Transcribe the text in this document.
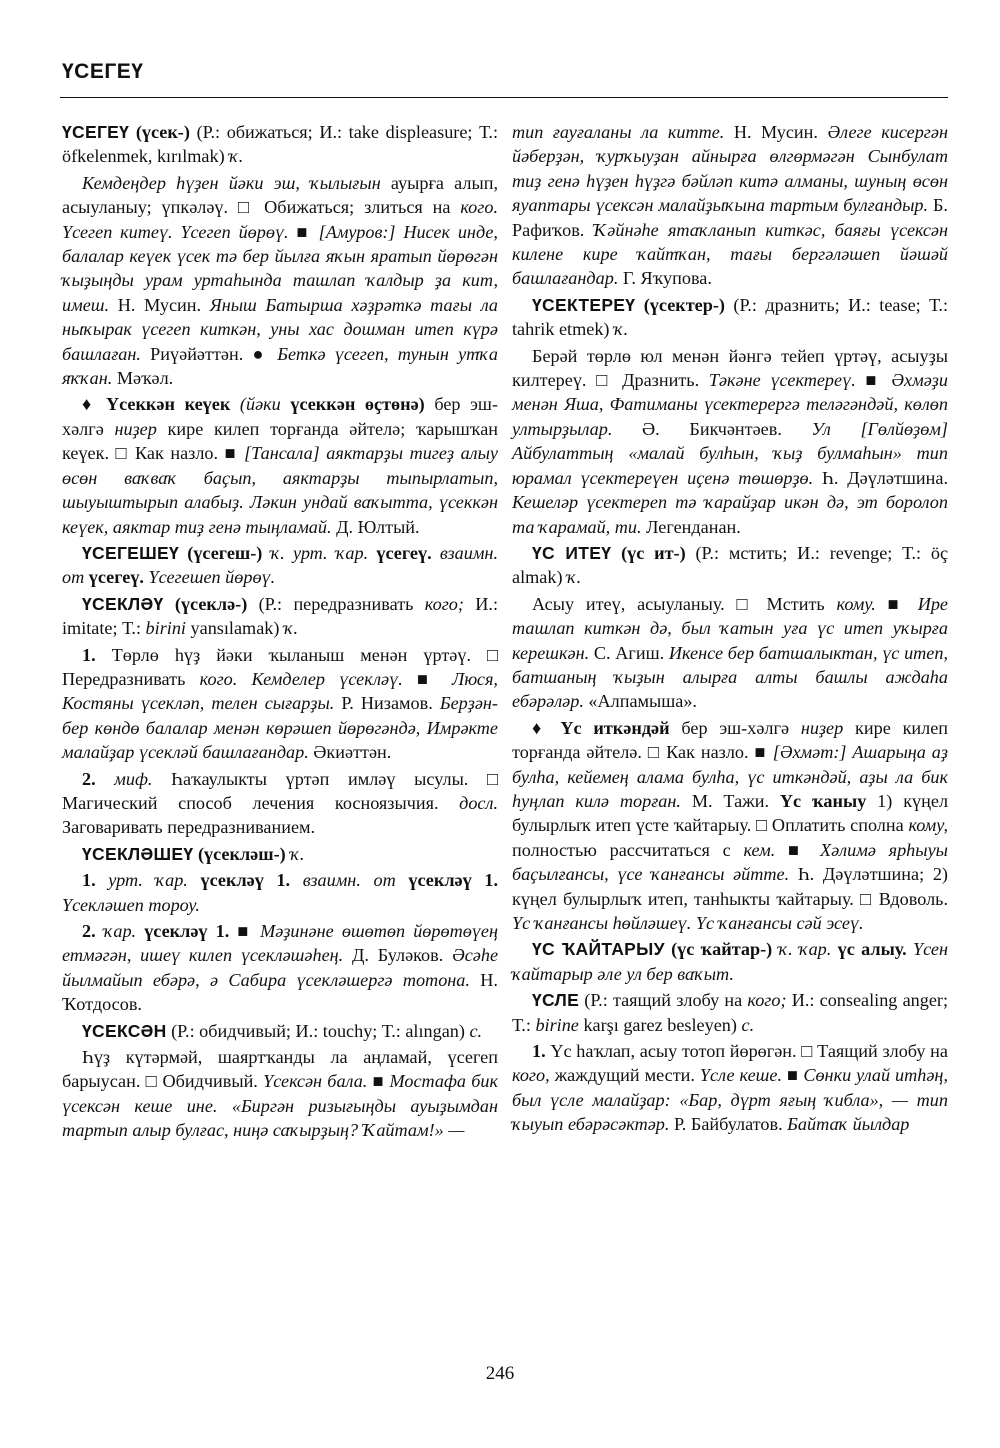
ҮСЕГЕҮ

ҮСЕГЕҮ (үсек-) (Р.: обижаться; И.: take displeasure; Т.: öfkelenmek, kırılmak) ҡ.

Кемдеңдер һүҙен йәки эш, ҡылығын ауырға алып, асыуланыу; үпкәләү. □ Обижаться; злиться на кого. Үсегеп китеү. Үсегеп йөрөү. ■ [Амуров:] Нисек инде, балалар кеүек үсек тә бер йылға яҡын яратып йөрөгән ҡыҙыңды урам уртаһында ташлап ҡалдыр ҙа кит, имеш. Н. Мусин. Яныш Батырша хәҙрәткә тағы ла ныҡырак үсегеп киткән, уны хас дошман итеп күрә башлаған. Риүәйәттән. ● Беткә үсегеп, тунын утҡа яҡҡан. Мәҡәл.

♦ Үсеккән кеүек (йәки үсеккән өҫтөнә) бер эш-хәлгә ниҙер кире килеп торғанда әйтелә; ҡарышҡан кеүек. □ Как назло. ■ [Тансала] аяктарҙы тигеҙ алыу өсөн ваҡваҡ баҫып, аяктарҙы тыпырлатып, шыуыштырып алабыҙ. Ләкин ундай ваҡытта, үсеккән кеүек, аяктар тиҙ генә тыңламай. Д. Юлтый.

ҮСЕГЕШЕҮ (үсегеш-) ҡ. урт. ҡар. үсегеү. взаимн. от үсегеү. Үсегешеп йөрөү.

ҮСЕКЛӘҮ (үсеклә-) (Р.: передразнивать кого; И.: imitate; Т.: birini yansılamak) ҡ.

1. Төрлө һүҙ йәки ҡыланыш менән үртәү. □ Передразнивать кого. Кемделер үсекләү. ■ Люся, Костяны үсекләп, телен сығарҙы. Р. Низамов. Берҙән-бер көндө балалар менән көрәшеп йөрөгәндә, Имрәкте малайҙар үсекләй башлағандар. Әкиәттән.

2. миф. Һаҡаулыкты үртәп имләү ысулы. □ Магический способ лечения косноязычия. досл. Заговаривать передразниванием.

ҮСЕКЛӘШЕҮ (үсекләш-) ҡ.

1. урт. ҡар. үсекләү 1. взаимн. от үсекләү 1. Үсекләшеп тороу.

2. ҡар. үсекләү 1. ■ Мәҙинәне өшөтөп йөрөтөүең етмәгән, ишеү килеп үсекләшәһең. Д. Буләков. Әсәһе йылмайып ебәрә, ә Сабира үсекләшергә тотона. Н. Ҡотдосов.

ҮСЕКСӘН (Р.: обидчивый; И.: touchy; Т.: alıngan) с.

Һүҙ күтәрмәй, шаяртҡанды ла аңламай, үсегеп барыусан. □ Обидчивый. Үсексән бала. ■ Мостафа бик үсексән кеше ине. «Биргән ризығыңды ауыҙымдан тартып алыр булғас, ниңә саҡырҙың? Ҡайтам!» —

тип ғауғаланы ла китте. Н. Мусин. Әлеге кисергән йәберҙән, ҡурҡыуҙан айнырға өлгөрмәгән Сынбулат тиҙ генә һүҙен һүҙгә бәйләп китә алманы, шуның өсөн яуаптары үсексән малайҙыҡына тартым булғандыр. Б. Рафиҡов. Ҡәйнәһе ятаҡланып киткәс, баяғы үсексән килене кире ҡайтҡан, тағы бергәләшеп йәшәй башлағандар. Г. Яҡупова.

ҮСЕКТЕРЕҮ (үсектер-) (Р.: дразнить; И.: tease; Т.: tahrik etmek) ҡ.

Берәй төрлө юл менән йәнгә тейеп үртәү, асыуҙы килтереү. □ Дразнить. Тәкәне үсектереү. ■ Әхмәҙи менән Яша, Фатиманы үсектерергә теләгәндәй, көлөп ултырҙылар. Ә. Бикчәнтәев. Ул [Гөлйөҙөм] Айбулаттың «малай булһын, ҡыҙ булмаһын» тип юрамал үсектереүен иҫенә төшөрҙө. Һ. Дәүләтшина. Кешеләр үсектереп тә ҡарайҙар икән дә, эт боролоп та ҡарамай, ти. Легенданан.

ҮС ИТЕҮ (үс ит-) (Р.: мстить; И.: revenge; Т.: öç almak) ҡ.

Асыу итеү, асыуланыу. □ Мстить кому. ■ Ире ташлап киткән дә, был ҡатын уға үс итеп уҡырға керешкән. С. Агиш. Икенсе бер батшалыктан, үс итеп, батшаның ҡыҙын алырға алты башлы аждаһа ебәрәләр. «Алпамыша».

♦ Үс иткәндәй бер эш-хәлгә ниҙер кире килеп торғанда әйтелә. □ Как назло. ■ [Әхмәт:] Ашарыңа аҙ булһа, кейемең алама булһа, үс иткәндәй, аҙы ла бик һуңлап килә торған. М. Тажи. Үс ҡаныу 1) күңел булырлыҡ итеп үсте ҡайтарыу. □ Оплатить сполна кому, полностью рассчитаться с кем. ■ Хәлимә ярһыуы баҫылғансы, үсе ҡанғансы әйтте. Һ. Дәүләтшина; 2) күңел булырлыҡ итеп, танһыкты ҡайтарыу. □ Вдоволь. Үс ҡанғансы һөйләшеү. Үс ҡанғансы сәй эсеү.

ҮС ҠАЙТАРЫУ (үс ҡайтар-) ҡ. ҡар. үс алыу. Үсен ҡайтарыр әле ул бер ваҡыт.

ҮСЛЕ (Р.: таящий злобу на кого; И.: consealing anger; Т.: birine karşı garez besleyen) с.

1. Үс һаҡлап, асыу тотоп йөрөгән. □ Таящий злобу на кого, жаждущий мести. Үсле кеше. ■ Сөнки улай итһәң, был үсле малайҙар: «Бар, дүрт яғың ҡибла», — тип ҡыуып ебәрәсәктәр. Р. Байбулатов. Байтаҡ йылдар

246
